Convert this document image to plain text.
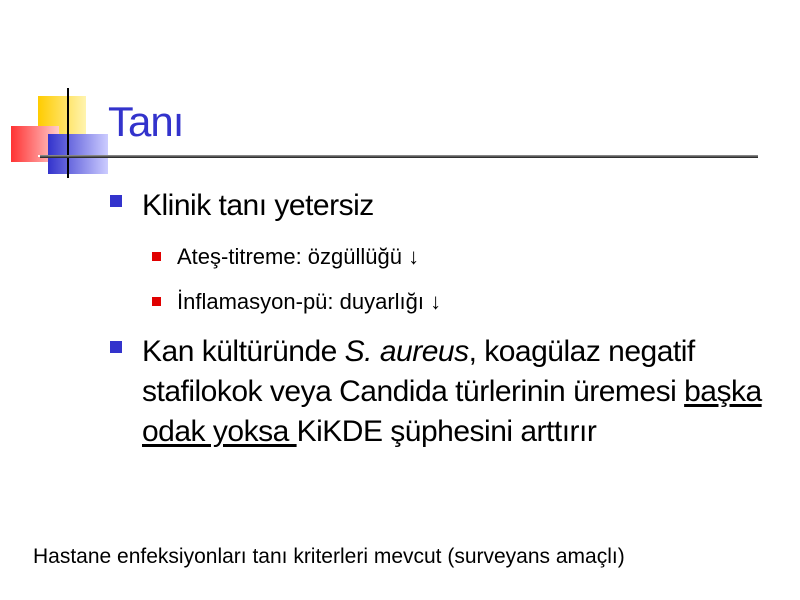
Tanı
Klinik tanı yetersiz
Ateş-titreme: özgüllüğü ↓
İnflamasyon-pü: duyarlığı ↓
Kan kültüründe S. aureus, koagülaz negatif stafilokok veya Candida türlerinin üremesi başka odak yoksa KiKDE şüphesini arttırır
Hastane enfeksiyonları tanı kriterleri mevcut (surveyans amaçlı)
